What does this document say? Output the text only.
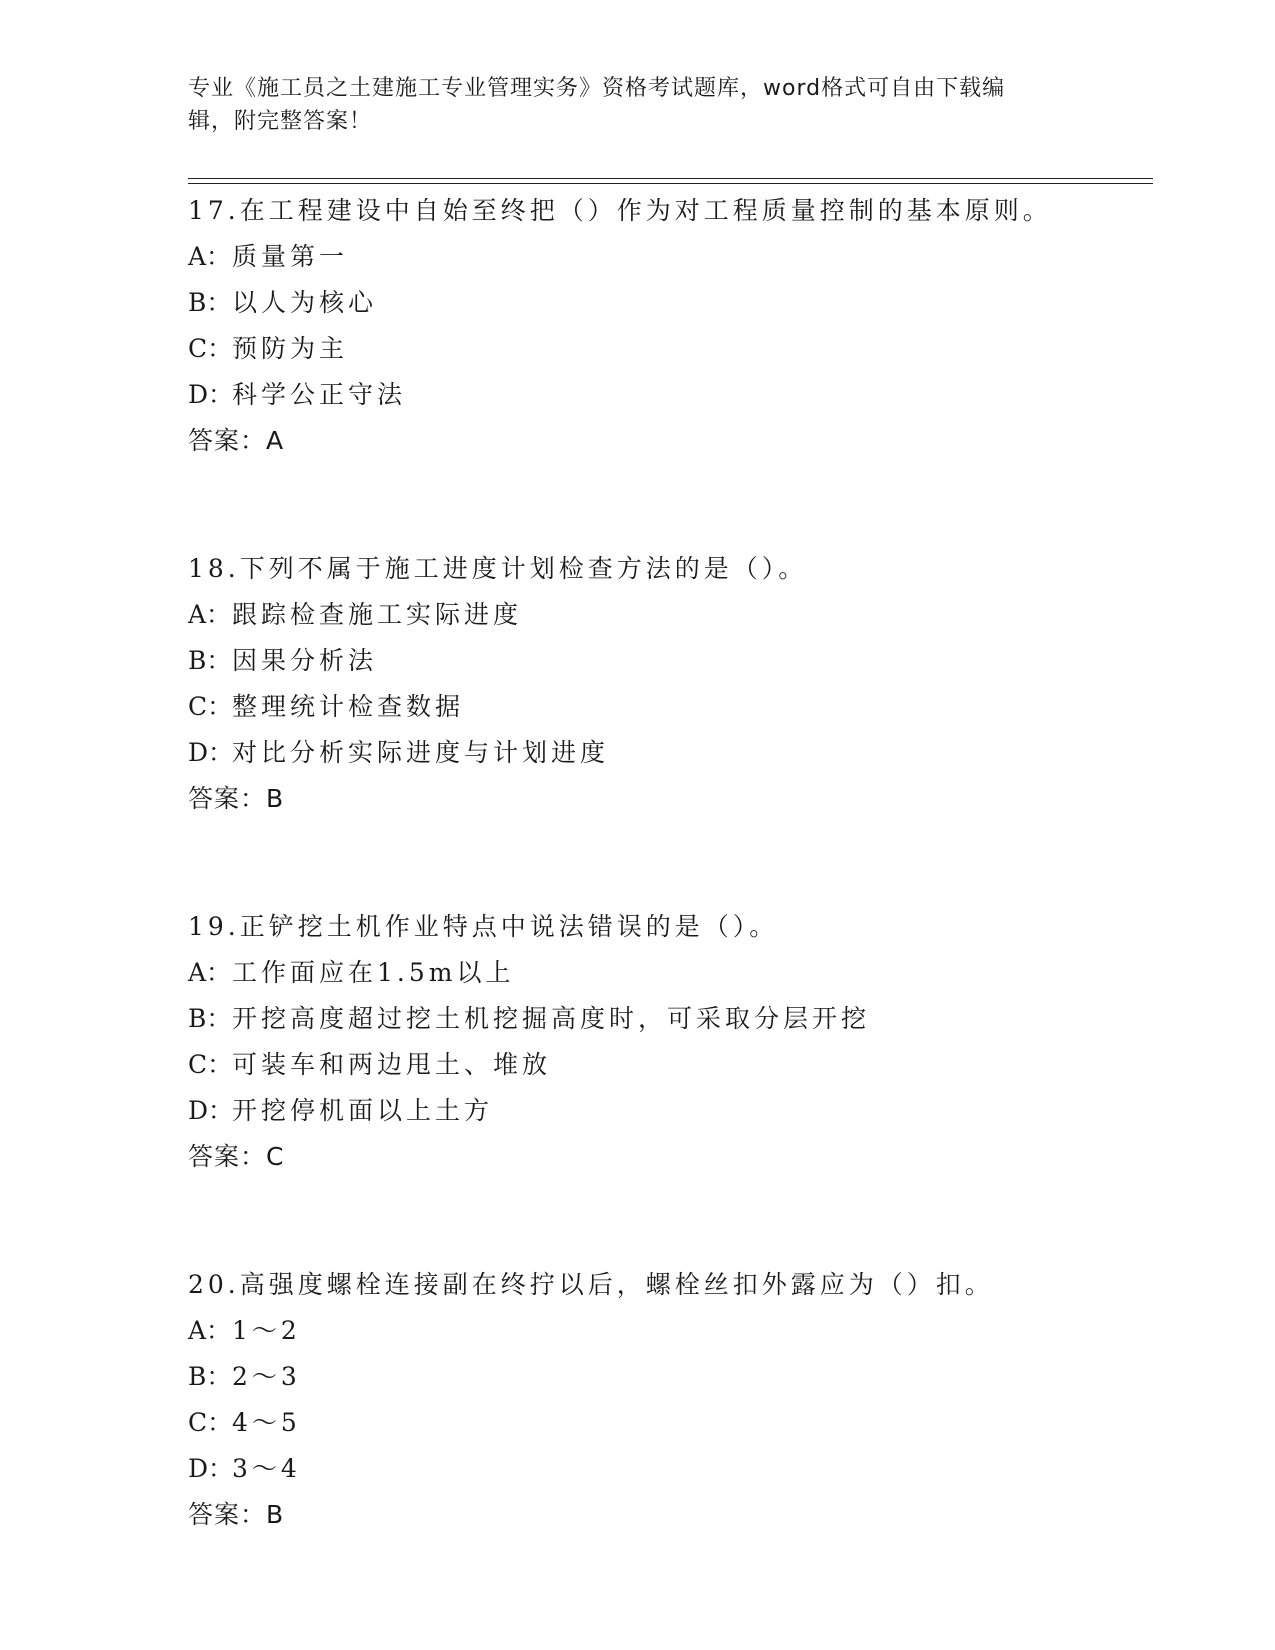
专业《施工员之土建施工专业管理实务》资格考试题库，word格式可自由下载编
辑，附完整答案！
17.在工程建设中自始至终把（）作为对工程质量控制的基本原则。
A：质量第一
B：以人为核心
C：预防为主
D：科学公正守法
答案：A
18.下列不属于施工进度计划检查方法的是（）。
A：跟踪检查施工实际进度
B：因果分析法
C：整理统计检查数据
D：对比分析实际进度与计划进度
答案：B
19.正铲挖土机作业特点中说法错误的是（）。
A：工作面应在1.5m以上
B：开挖高度超过挖土机挖掘高度时，可采取分层开挖
C：可装车和两边甩土、堆放
D：开挖停机面以上土方
答案：C
20.高强度螺栓连接副在终拧以后，螺栓丝扣外露应为（）扣。
A：1～2
B：2～3
C：4～5
D：3～4
答案：B
